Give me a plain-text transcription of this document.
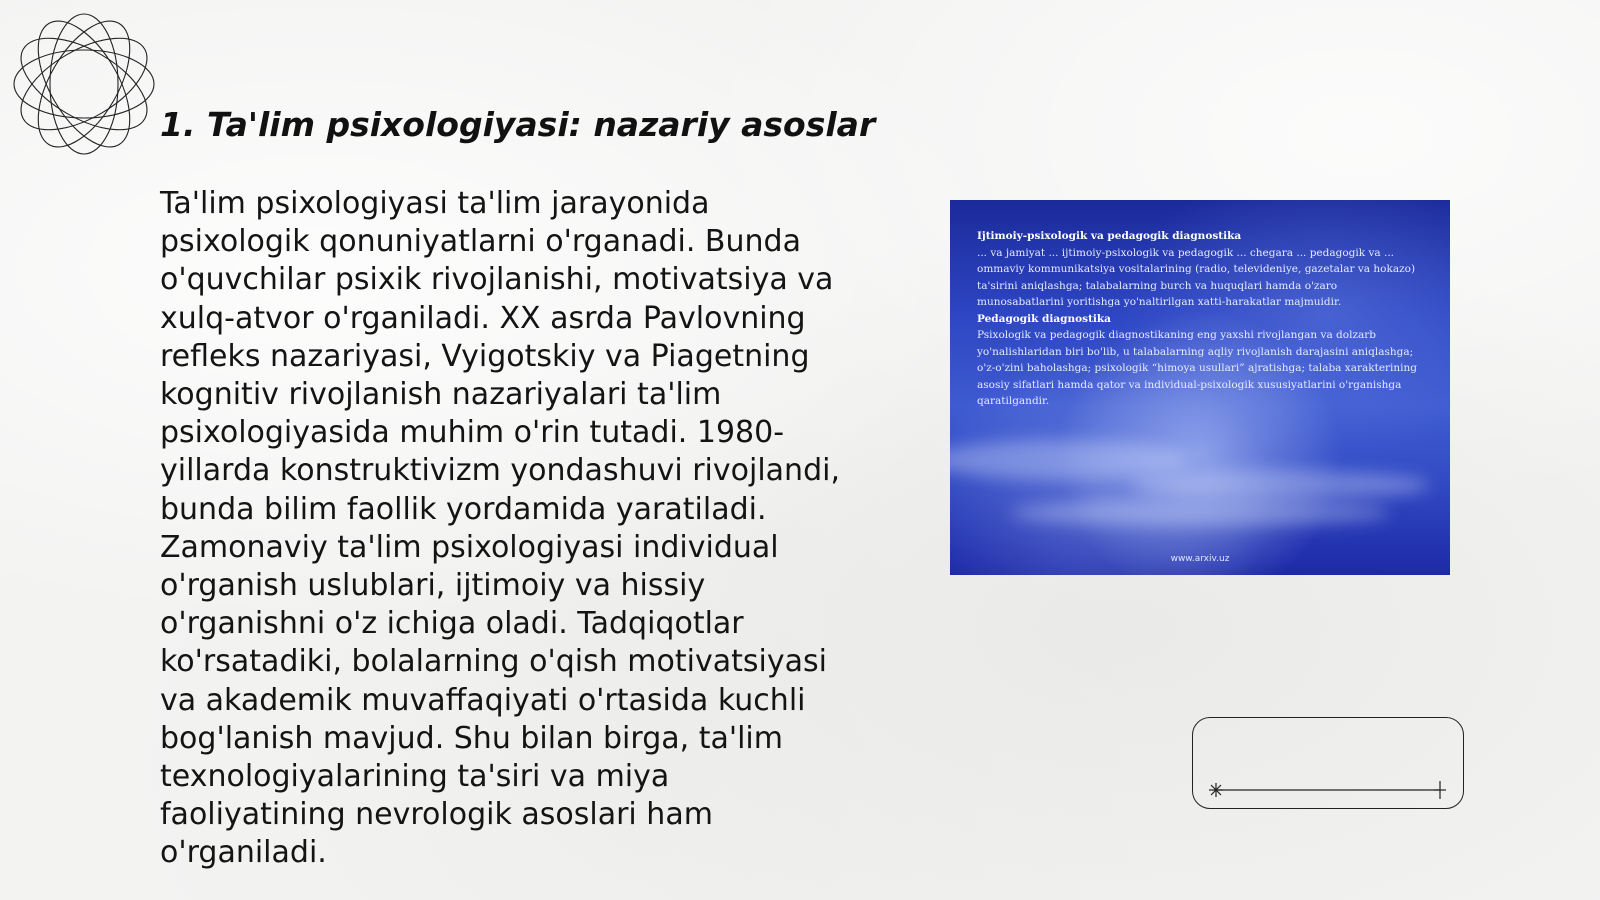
1. Ta'lim psixologiyasi: nazariy asoslar
Ta'lim psixologiyasi ta'lim jarayonida
psixologik qonuniyatlarni o'rganadi. Bunda
o'quvchilar psixik rivojlanishi, motivatsiya va
xulq-atvor o'rganiladi. XX asrda Pavlovning
refleks nazariyasi, Vyigotskiy va Piagetning
kognitiv rivojlanish nazariyalari ta'lim
psixologiyasida muhim o'rin tutadi. 1980-
yillarda konstruktivizm yondashuvi rivojlandi,
bunda bilim faollik yordamida yaratiladi.
Zamonaviy ta'lim psixologiyasi individual
o'rganish uslublari, ijtimoiy va hissiy
o'rganishni o'z ichiga oladi. Tadqiqotlar
ko'rsatadiki, bolalarning o'qish motivatsiyasi
va akademik muvaffaqiyati o'rtasida kuchli
bog'lanish mavjud. Shu bilan birga, ta'lim
texnologiyalarining ta'siri va miya
faoliyatining nevrologik asoslari ham
o'rganiladi.
Ijtimoiy-psixologik va pedagogik diagnostika
... va jamiyat ... ijtimoiy-psixologik va pedagogik ... chegara ... pedagogik va ... ommaviy kommunikatsiya vositalarining (radio, televideniye, gazetalar va hokazo) ta'sirini aniqlashga; talabalarning burch va huquqlari hamda o'zaro munosabatlarini yoritishga yo'naltirilgan xatti-harakatlar majmuidir.
Pedagogik diagnostika
Psixologik va pedagogik diagnostikaning eng yaxshi rivojlangan va dolzarb yo'nalishlaridan biri bo'lib, u talabalarning aqliy rivojlanish darajasini aniqlashga; o'z-o'zini baholashga; psixologik “himoya usullari” ajratishga; talaba xarakterining asosiy sifatlari hamda qator va individual-psixologik xususiyatlarini o'rganishga qaratilgandir.
www.arxiv.uz
